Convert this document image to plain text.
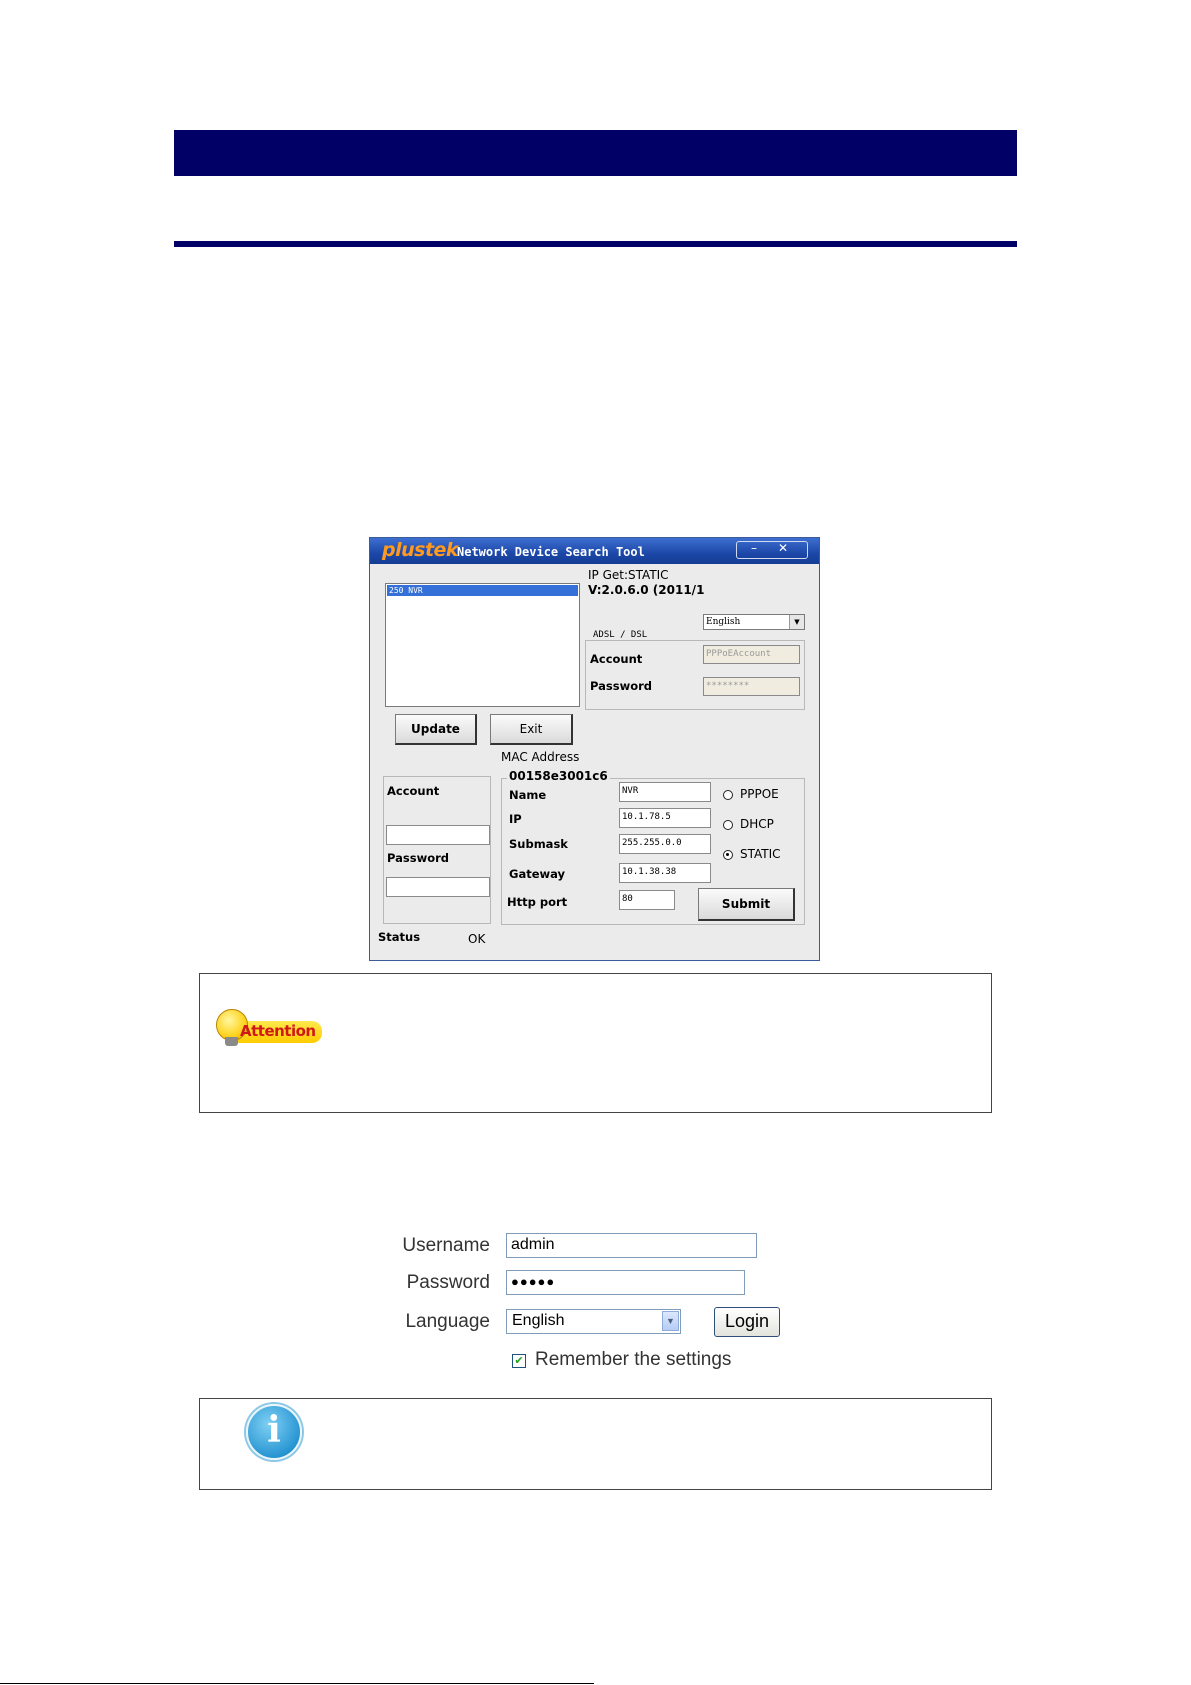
plustek
Network Device Search Tool	– ✕
250 NVR
IP Get:STATIC
V:2.0.6.0 (2011/1
English	▼
ADSL / DSL
Account	PPPoEAccount
Password	********
Update	Exit
MAC Address
Account
Password
00158e3001c6
Name	NVR
IP	10.1.78.5
Submask	255.255.0.0
Gateway	10.1.38.38
Http port	80
PPPOE
DHCP
STATIC
Submit
Status	OK
Attention
Username	admin
Password	●●●●●
Language	English	▼	Login
✔ Remember the settings
i
